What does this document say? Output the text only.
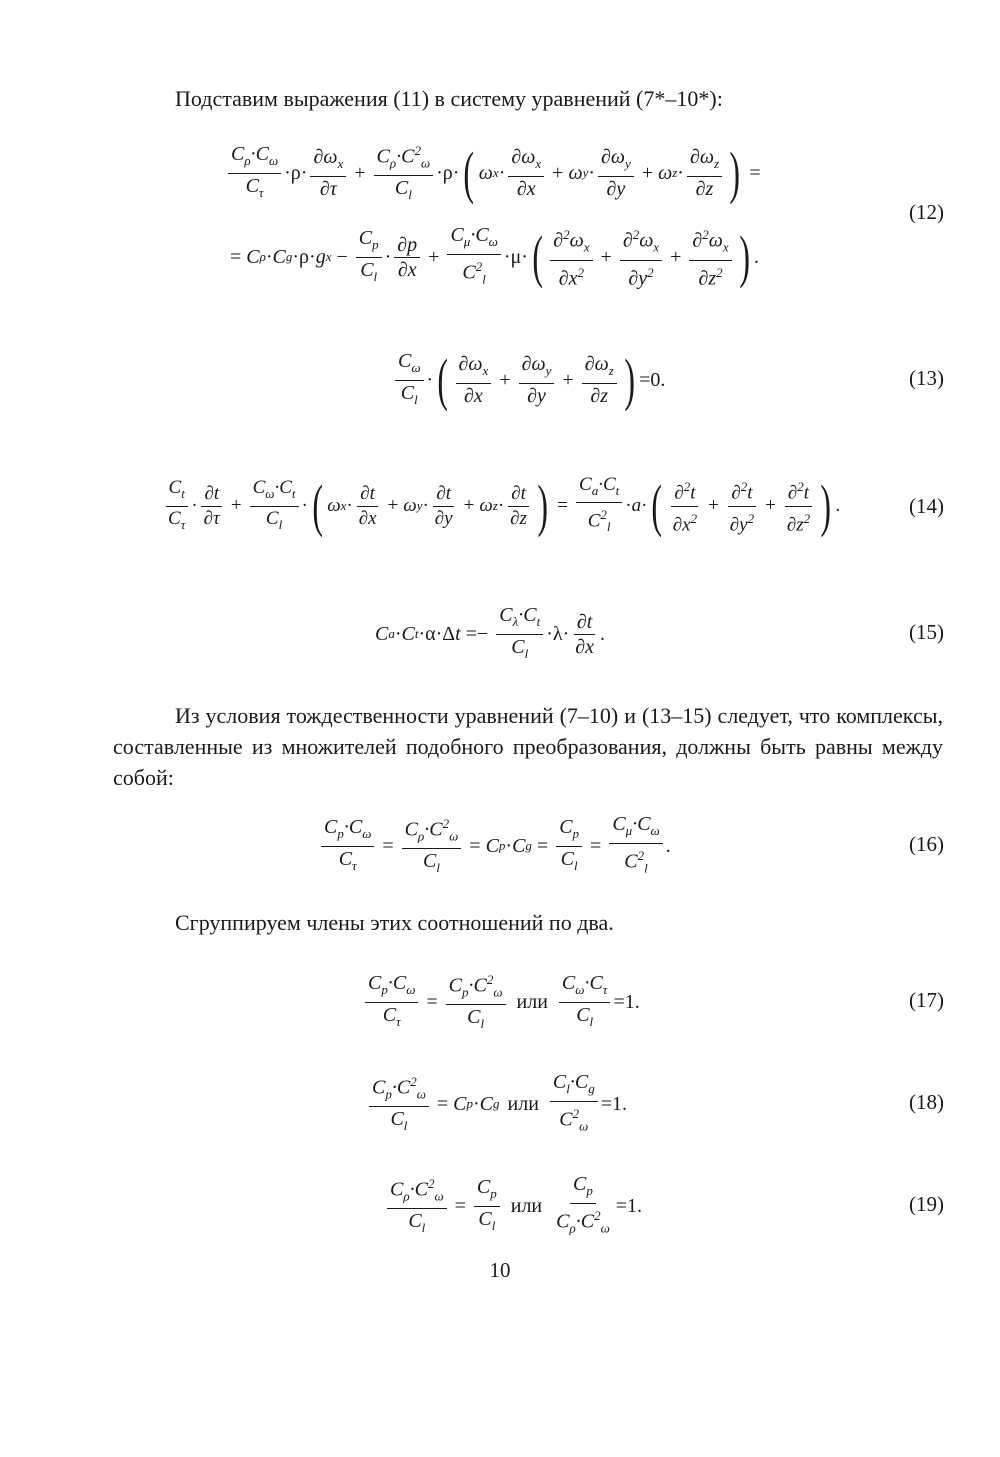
Подставим выражения (11) в систему уравнений (7*–10*):
$\frac{C_\rho\cdot C_\omega}{C_\tau} \cdot\rho\cdot \frac{\partial\omega_x}{\partial\tau} + \frac{C_\rho\cdot C^2_\omega}{C_l} \cdot\rho\cdot$ ( ω $x \cdot \frac{\partial\omega_x}{\partial x} + \omega$ $y \cdot \frac{\partial\omega_y}{\partial y} + \omega$ $z \cdot \frac{\partial\omega_z}{\partial z}$ ) =
= C ρ · C g ·ρ· g $x - \frac{C_p}{C_l} \cdot \frac{\partial p}{\partial x} + \frac{C_\mu\cdot C_\omega}{C^2_l} \cdot\mu\cdot$ ( $\frac{\partial^2\omega_x}{\partial x^2} + \frac{\partial^2\omega_x}{\partial y^2} + \frac{\partial^2\omega_x}{\partial z^2}$ ) .
(12)
$\frac{C_\omega}{C_l}$ · ( $\frac{\partial\omega_x}{\partial x} + \frac{\partial\omega_y}{\partial y} + \frac{\partial\omega_z}{\partial z}$ ) =0.	(13)
$\frac{C_t}{C_\tau} \cdot \frac{\partial t}{\partial\tau} + \frac{C_\omega\cdot C_t}{C_l}$ · ( ω $x \cdot \frac{\partial t}{\partial x} + \omega$ $y \cdot \frac{\partial t}{\partial y} + \omega$ $z \cdot \frac{\partial t}{\partial z}$ ) = $\frac{C_a\cdot C_t}{C^2_l} \cdot a$ · ( $\frac{\partial^2t}{\partial x^2} + \frac{\partial^2t}{\partial y^2} + \frac{\partial^2t}{\partial z^2}$ ) .	(14)
C a · C t ·α·Δ $t =- \frac{C_\lambda\cdot C_t}{C_l} \cdot\lambda\cdot \frac{\partial t}{\partial x}$ .	(15)
Из условия тождественности уравнений (7–10) и (13–15) следует, что комплексы, составленные из множителей подобного преобразования, должны быть равны между собой:
$\frac{C_p\cdot C_\omega}{C_\tau} = \frac{C_\rho\cdot C^2_\omega}{C_l} = C$ p · C $g = \frac{C_p}{C_l} = \frac{C_\mu\cdot C_\omega}{C^2_l}$ .	(16)
Сгруппируем члены этих соотношений по два.
$\frac{C_p\cdot C_\omega}{C_\tau} = \frac{C_p\cdot C^2_\omega}{C_l}$ или $\frac{C_\omega\cdot C_\tau}{C_l} =1$.	(17)
$\frac{C_p\cdot C^2_\omega}{C_l} = C$ p · C g или $\frac{C_l\cdot C_g}{C^2_\omega} =1$.	(18)
$\frac{C_\rho\cdot C^2_\omega}{C_l} = \frac{C_p}{C_l}$ или $\frac{C_p}{C_\rho\cdot C^2_\omega} =1$.	(19)
10
